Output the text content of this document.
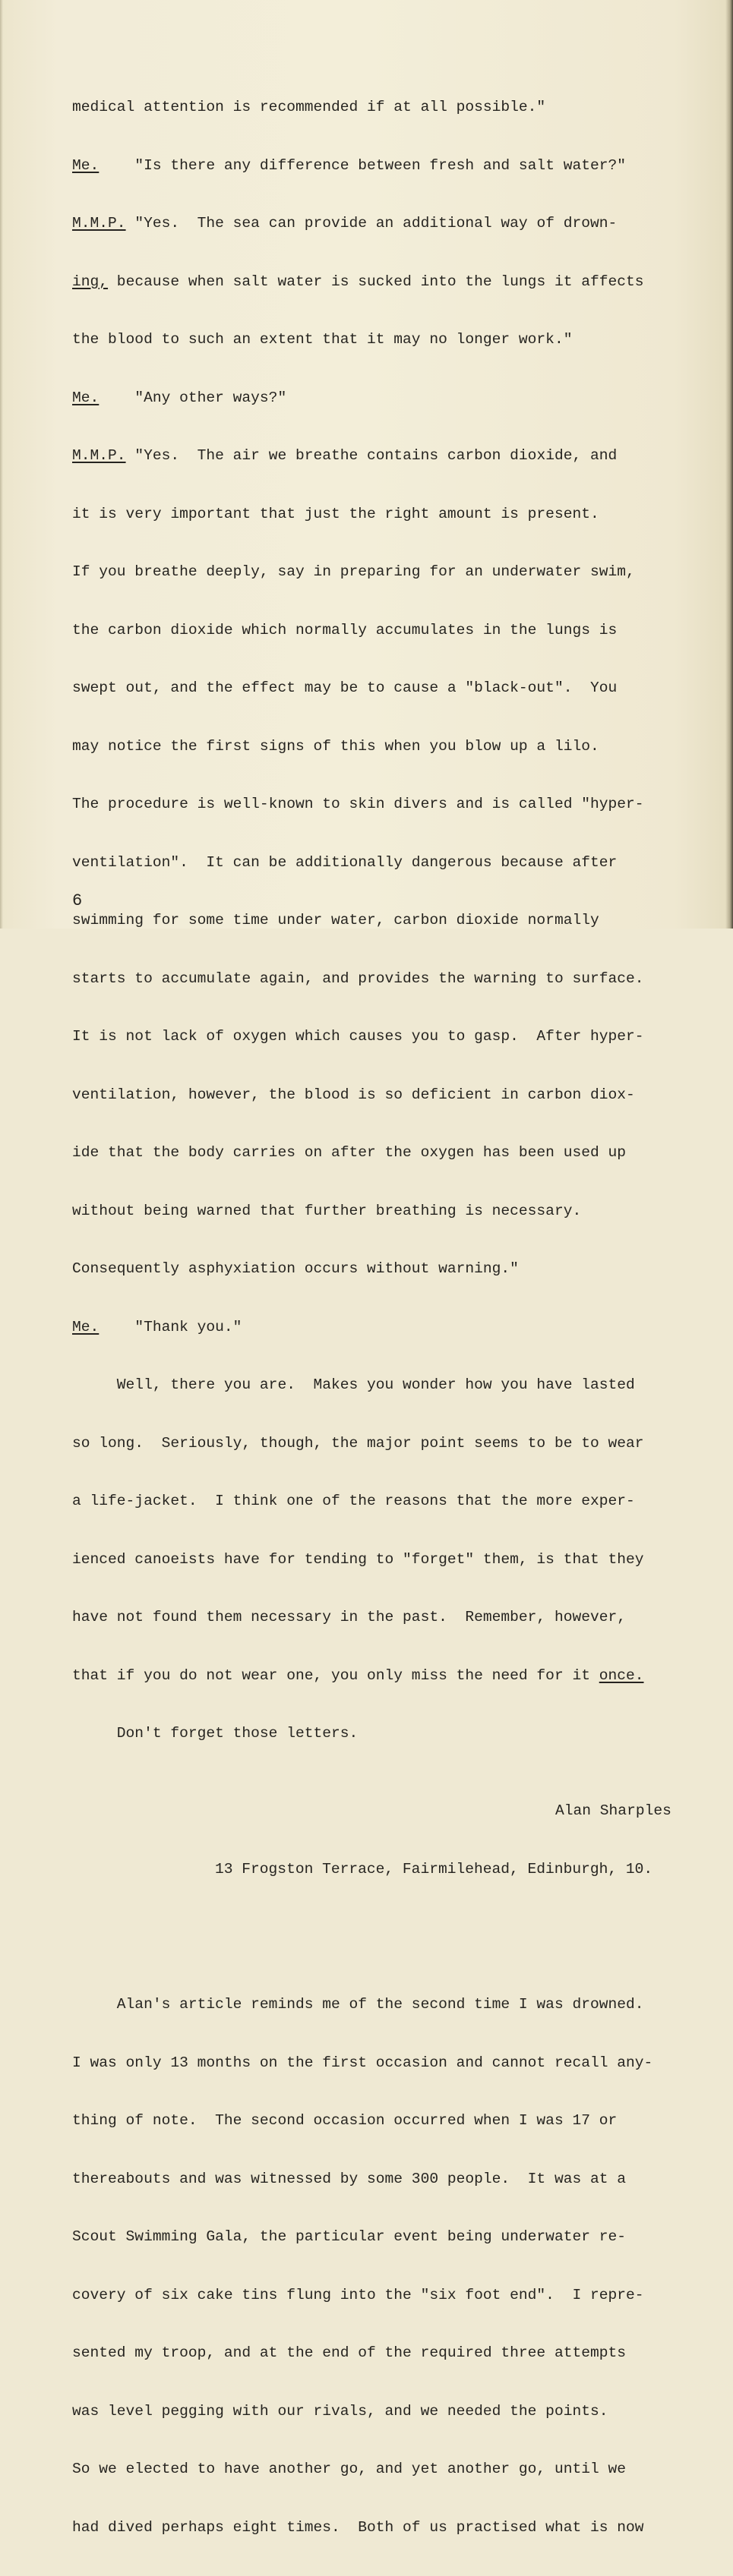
medical attention is recommended if at all possible."

Me.    "Is there any difference between fresh and salt water?"

M.M.P. "Yes.  The sea can provide an additional way of drown-

ing, because when salt water is sucked into the lungs it affects

the blood to such an extent that it may no longer work."

Me.    "Any other ways?"

M.M.P. "Yes.  The air we breathe contains carbon dioxide, and

it is very important that just the right amount is present.

If you breathe deeply, say in preparing for an underwater swim,

the carbon dioxide which normally accumulates in the lungs is

swept out, and the effect may be to cause a "black-out".  You

may notice the first signs of this when you blow up a lilo.

The procedure is well-known to skin divers and is called "hyper-

ventilation".  It can be additionally dangerous because after

swimming for some time under water, carbon dioxide normally

starts to accumulate again, and provides the warning to surface.

It is not lack of oxygen which causes you to gasp.  After hyper-

ventilation, however, the blood is so deficient in carbon diox-

ide that the body carries on after the oxygen has been used up

without being warned that further breathing is necessary.

Consequently asphyxiation occurs without warning."

Me.    "Thank you."

Well, there you are.  Makes you wonder how you have lasted

so long.  Seriously, though, the major point seems to be to wear

a life-jacket.  I think one of the reasons that the more exper-

ienced canoeists have for tending to "forget" them, is that they

have not found them necessary in the past.  Remember, however,

that if you do not wear one, you only miss the need for it once.

Don't forget those letters.

Alan Sharples

13 Frogston Terrace, Fairmilehead, Edinburgh, 10.

Alan's article reminds me of the second time I was drowned.

I was only 13 months on the first occasion and cannot recall any-

thing of note.  The second occasion occurred when I was 17 or

thereabouts and was witnessed by some 300 people.  It was at a

Scout Swimming Gala, the particular event being underwater re-

covery of six cake tins flung into the "six foot end".  I repre-

sented my troop, and at the end of the required three attempts

was level pegging with our rivals, and we needed the points.

So we elected to have another go, and yet another go, until we

had dived perhaps eight times.  Both of us practised what is now

6
